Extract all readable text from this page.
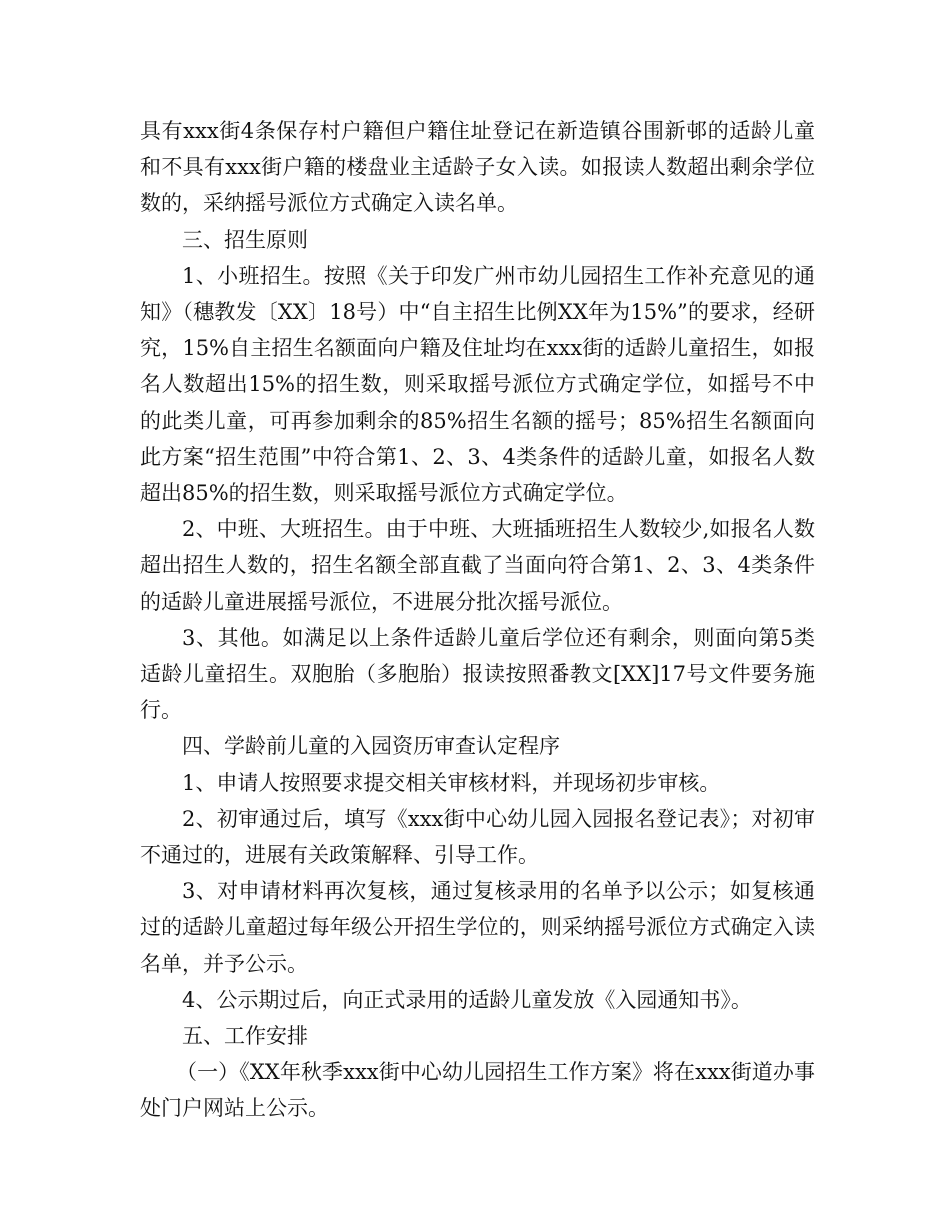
具有xxx街4条保存村户籍但户籍住址登记在新造镇谷围新邨的适龄儿童和不具有xxx街户籍的楼盘业主适龄子女入读。如报读人数超出剩余学位数的，采纳摇号派位方式确定入读名单。

三、招生原则

1、小班招生。按照《关于印发广州市幼儿园招生工作补充意见的通知》（穗教发〔XX〕18号）中“自主招生比例XX年为15%”的要求，经研究，15%自主招生名额面向户籍及住址均在xxx街的适龄儿童招生，如报名人数超出15%的招生数，则采取摇号派位方式确定学位，如摇号不中的此类儿童，可再参加剩余的85%招生名额的摇号；85%招生名额面向此方案“招生范围”中符合第1、2、3、4类条件的适龄儿童，如报名人数超出85%的招生数，则采取摇号派位方式确定学位。

2、中班、大班招生。由于中班、大班插班招生人数较少,如报名人数超出招生人数的，招生名额全部直截了当面向符合第1、2、3、4类条件的适龄儿童进展摇号派位，不进展分批次摇号派位。

3、其他。如满足以上条件适龄儿童后学位还有剩余，则面向第5类适龄儿童招生。双胞胎（多胞胎）报读按照番教文[XX]17号文件要务施行。

四、学龄前儿童的入园资历审查认定程序

1、申请人按照要求提交相关审核材料，并现场初步审核。

2、初审通过后，填写《xxx街中心幼儿园入园报名登记表》；对初审不通过的，进展有关政策解释、引导工作。

3、对申请材料再次复核，通过复核录用的名单予以公示；如复核通过的适龄儿童超过每年级公开招生学位的，则采纳摇号派位方式确定入读名单，并予公示。

4、公示期过后，向正式录用的适龄儿童发放《入园通知书》。

五、工作安排

（一）《XX年秋季xxx街中心幼儿园招生工作方案》将在xxx街道办事处门户网站上公示。
